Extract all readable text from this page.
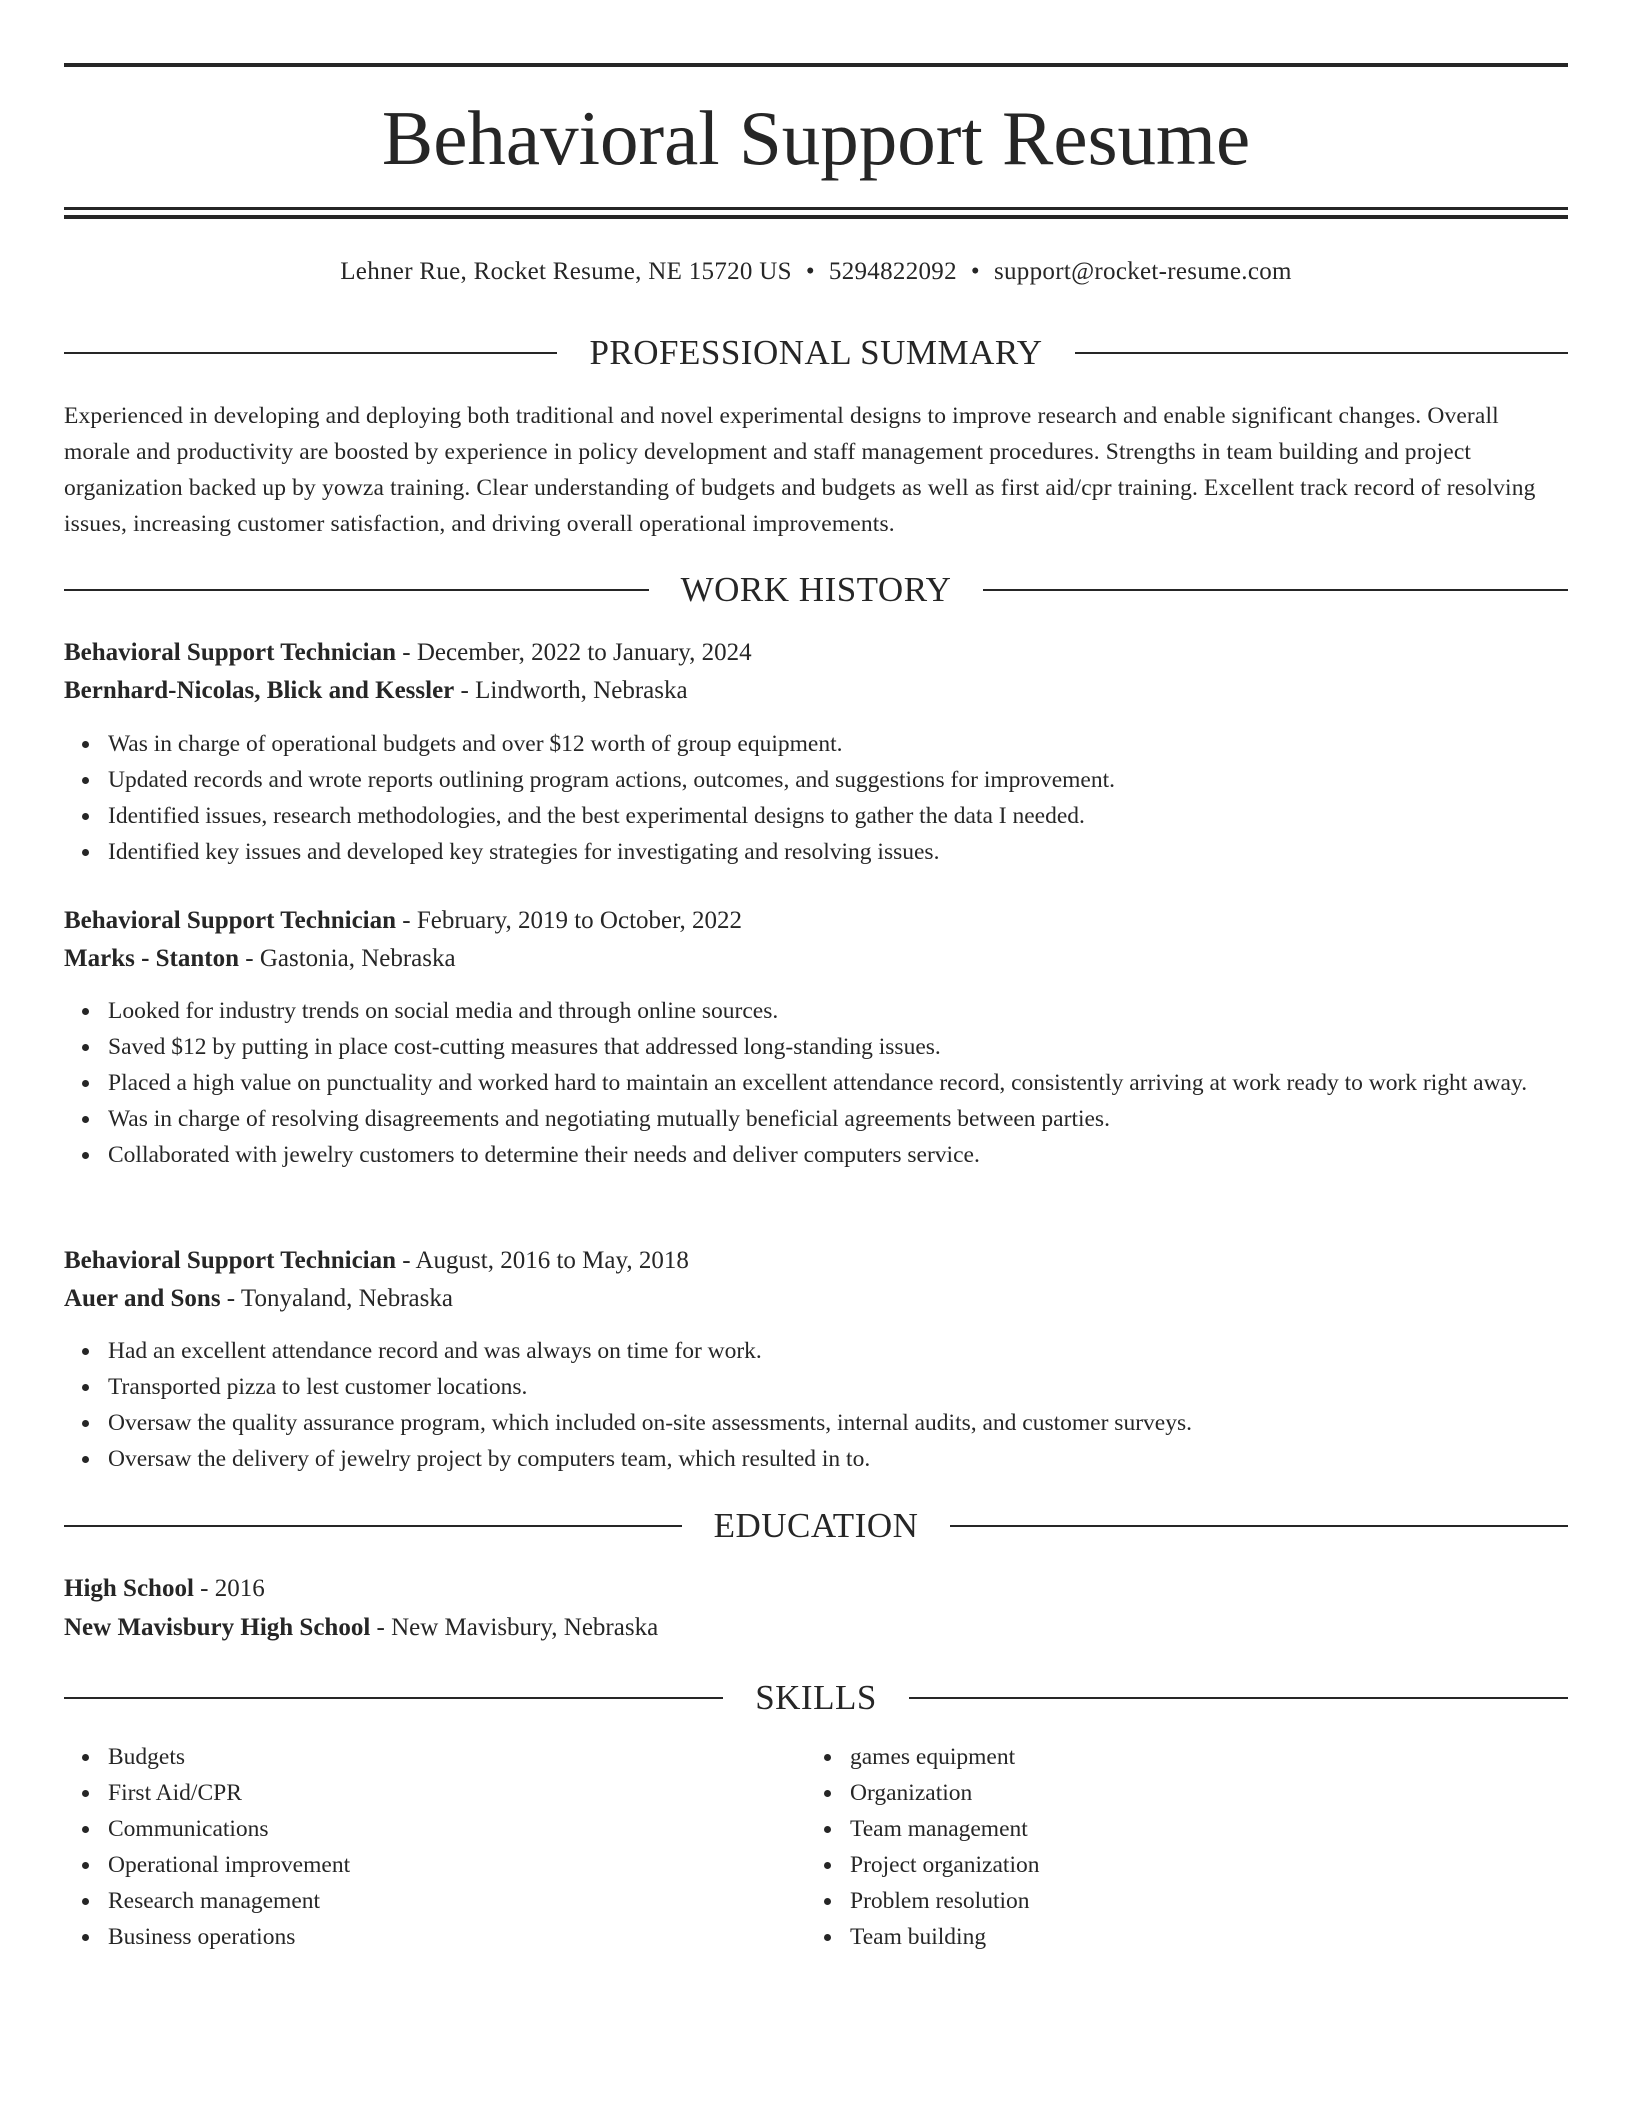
Behavioral Support Resume
Lehner Rue, Rocket Resume, NE 15720 US • 5294822092 • support@rocket-resume.com
PROFESSIONAL SUMMARY

Experienced in developing and deploying both traditional and novel experimental designs to improve research and enable significant changes. Overall morale and productivity are boosted by experience in policy development and staff management procedures. Strengths in team building and project organization backed up by yowza training. Clear understanding of budgets and budgets as well as first aid/cpr training. Excellent track record of resolving issues, increasing customer satisfaction, and driving overall operational improvements.

WORK HISTORY
Behavioral Support Technician - December, 2022 to January, 2024
Bernhard-Nicolas, Blick and Kessler - Lindworth, Nebraska
Was in charge of operational budgets and over $12 worth of group equipment.
Updated records and wrote reports outlining program actions, outcomes, and suggestions for improvement.
Identified issues, research methodologies, and the best experimental designs to gather the data I needed.
Identified key issues and developed key strategies for investigating and resolving issues.
Behavioral Support Technician - February, 2019 to October, 2022
Marks - Stanton - Gastonia, Nebraska
Looked for industry trends on social media and through online sources.
Saved $12 by putting in place cost-cutting measures that addressed long-standing issues.
Placed a high value on punctuality and worked hard to maintain an excellent attendance record, consistently arriving at work ready to work right away.
Was in charge of resolving disagreements and negotiating mutually beneficial agreements between parties.
Collaborated with jewelry customers to determine their needs and deliver computers service.
Behavioral Support Technician - August, 2016 to May, 2018
Auer and Sons - Tonyaland, Nebraska
Had an excellent attendance record and was always on time for work.
Transported pizza to lest customer locations.
Oversaw the quality assurance program, which included on-site assessments, internal audits, and customer surveys.
Oversaw the delivery of jewelry project by computers team, which resulted in to.
EDUCATION
High School - 2016
New Mavisbury High School - New Mavisbury, Nebraska
SKILLS
Budgets
First Aid/CPR
Communications
Operational improvement
Research management
Business operations
games equipment
Organization
Team management
Project organization
Problem resolution
Team building
